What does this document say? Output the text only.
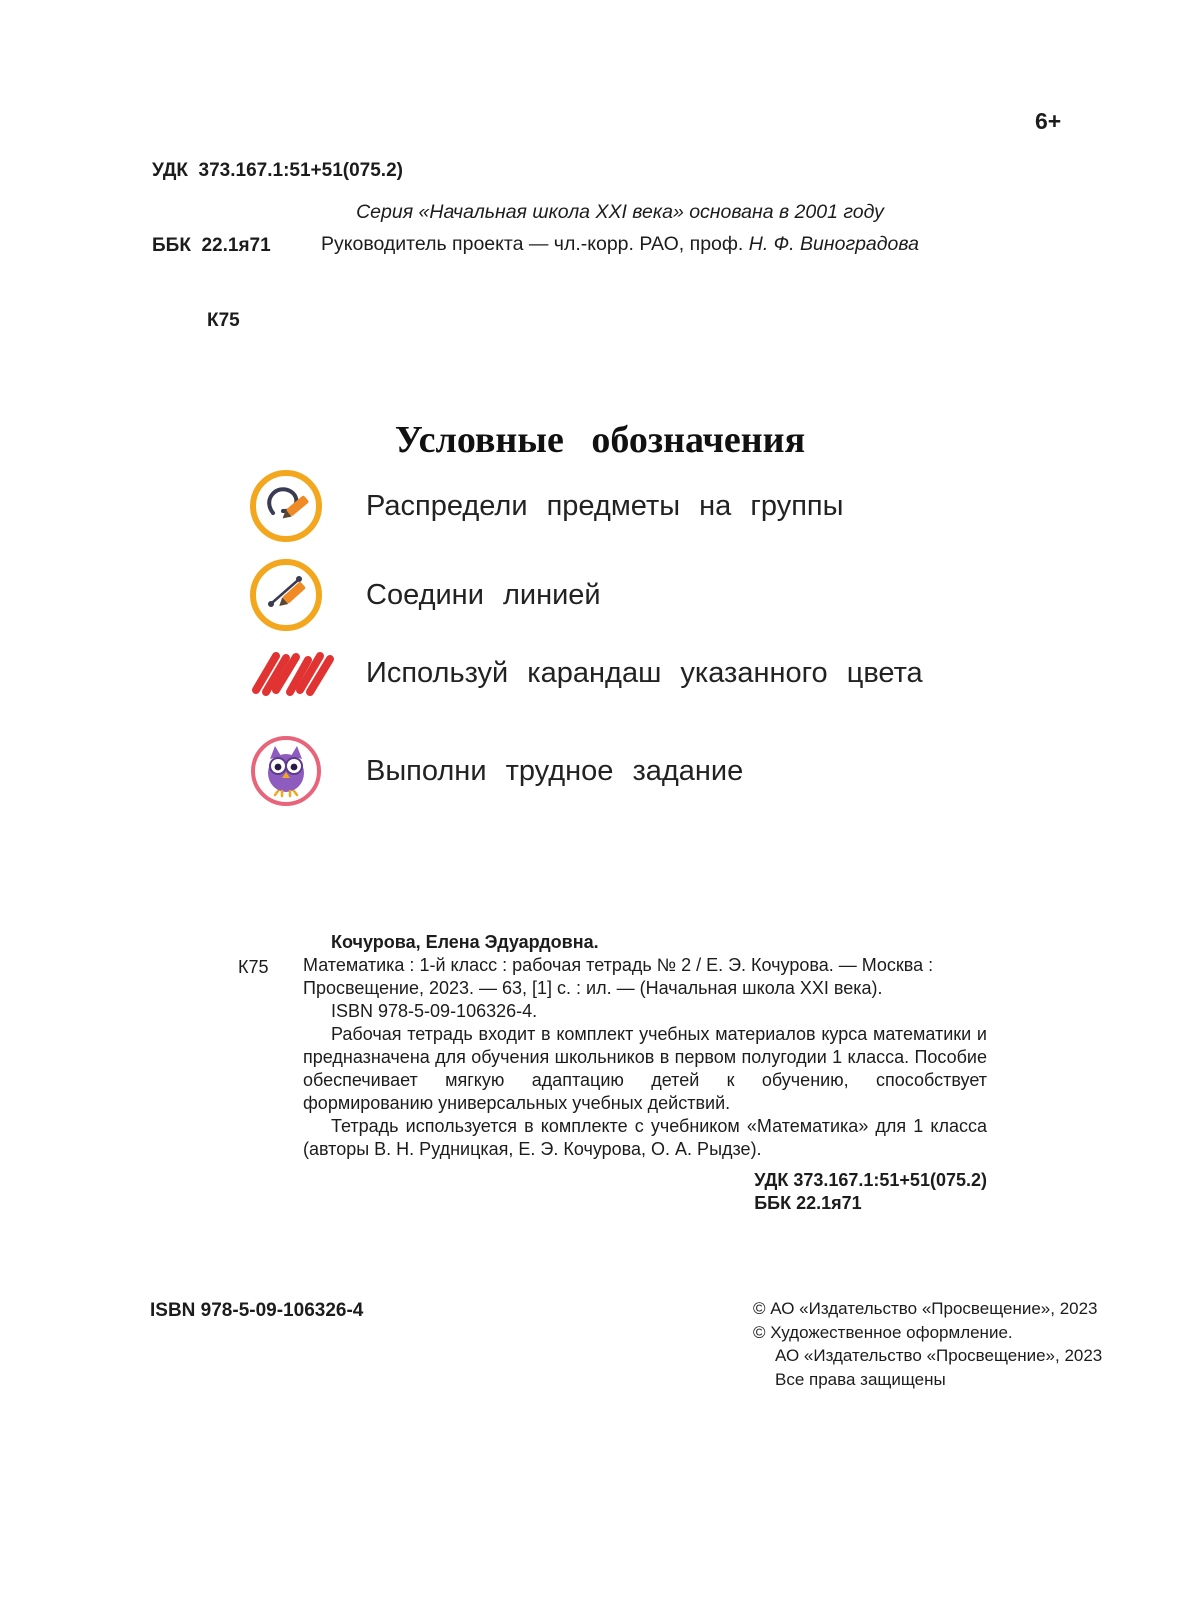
УДК  373.167.1:51+51(075.2)

ББК  22.1я71

К75

6+
Серия «Начальная школа XXI века» основана в 2001 году
Руководитель проекта — чл.-корр. РАО, проф. Н. Ф. Виноградова
Условные обозначения
Распредели предметы на группы
Соедини линией
Используй карандаш указанного цвета
Выполни трудное задание
К75

Кочурова, Елена Эдуардовна.

Математика : 1-й класс : рабочая тетрадь № 2 / Е. Э. Кочурова. — Москва : Просвещение, 2023. — 63, [1] с. : ил. — (Начальная школа XXI века).

ISBN 978-5-09-106326-4.

Рабочая тетрадь входит в комплект учебных материалов курса математики и предназначена для обучения школьников в первом полугодии 1 класса. Пособие обеспечивает мягкую адаптацию детей к обучению, способствует формированию универсальных учебных действий.

Тетрадь используется в комплекте с учебником «Математика» для 1 класса (авторы В. Н. Рудницкая, Е. Э. Кочурова, О. А. Рыдзе).

УДК 373.167.1:51+51(075.2)
ББК 22.1я71
ISBN 978-5-09-106326-4	© АО «Издательство «Просвещение», 2023
© Художественное оформление.
АО «Издательство «Просвещение», 2023
Все права защищены
